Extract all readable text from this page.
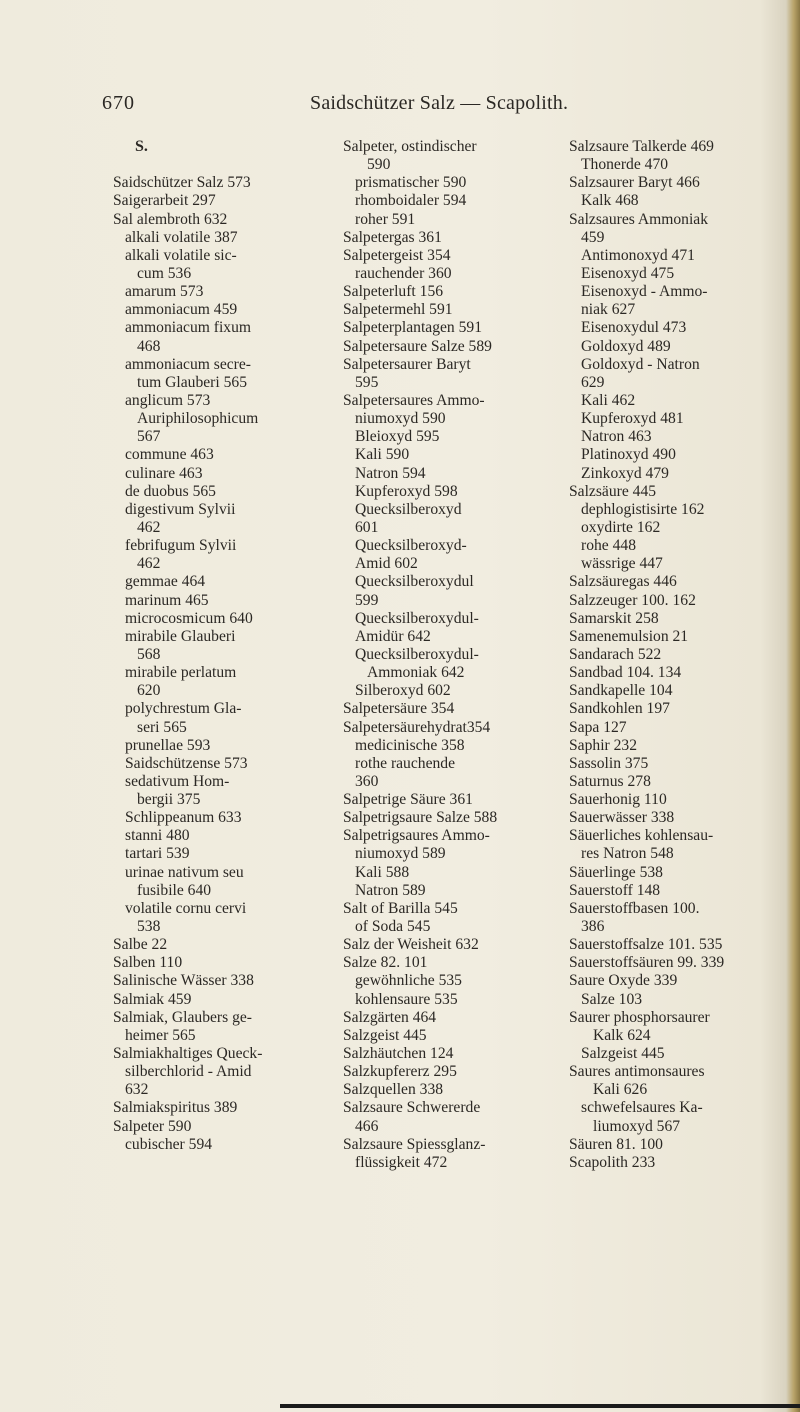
670	Saidschützer Salz — Scapolith.
S.
Saidschützer Salz 573
Saigerarbeit 297
Sal alembroth 632
alkali volatile 387
alkali volatile sic-
cum 536
amarum 573
ammoniacum 459
ammoniacum fixum
468
ammoniacum secre-
tum Glauberi 565
anglicum 573
Auriphilosophicum
567
commune 463
culinare 463
de duobus 565
digestivum Sylvii
462
febrifugum Sylvii
462
gemmae 464
marinum 465
microcosmicum 640
mirabile Glauberi
568
mirabile perlatum
620
polychrestum Gla-
seri 565
prunellae 593
Saidschützense 573
sedativum Hom-
bergii 375
Schlippeanum 633
stanni 480
tartari 539
urinae nativum seu
fusibile 640
volatile cornu cervi
538
Salbe 22
Salben 110
Salinische Wässer 338
Salmiak 459
Salmiak, Glaubers ge-
heimer 565
Salmiakhaltiges Queck-
silberchlorid - Amid
632
Salmiakspiritus 389
Salpeter 590
cubischer 594
Salpeter, ostindischer
590
prismatischer 590
rhomboidaler 594
roher 591
Salpetergas 361
Salpetergeist 354
rauchender 360
Salpeterluft 156
Salpetermehl 591
Salpeterplantagen 591
Salpetersaure Salze 589
Salpetersaurer Baryt
595
Salpetersaures Ammo-
niumoxyd 590
Bleioxyd 595
Kali 590
Natron 594
Kupferoxyd 598
Quecksilberoxyd
601
Quecksilberoxyd-
Amid 602
Quecksilberoxydul
599
Quecksilberoxydul-
Amidür 642
Quecksilberoxydul-
Ammoniak 642
Silberoxyd 602
Salpetersäure 354
Salpetersäurehydrat354
medicinische 358
rothe rauchende
360
Salpetrige Säure 361
Salpetrigsaure Salze 588
Salpetrigsaures Ammo-
niumoxyd 589
Kali 588
Natron 589
Salt of Barilla 545
of Soda 545
Salz der Weisheit 632
Salze 82. 101
gewöhnliche 535
kohlensaure 535
Salzgärten 464
Salzgeist 445
Salzhäutchen 124
Salzkupfererz 295
Salzquellen 338
Salzsaure Schwererde
466
Salzsaure Spiessglanz-
flüssigkeit 472
Salzsaure Talkerde 469
Thonerde 470
Salzsaurer Baryt 466
Kalk 468
Salzsaures Ammoniak
459
Antimonoxyd 471
Eisenoxyd 475
Eisenoxyd - Ammo-
niak 627
Eisenoxydul 473
Goldoxyd 489
Goldoxyd - Natron
629
Kali 462
Kupferoxyd 481
Natron 463
Platinoxyd 490
Zinkoxyd 479
Salzsäure 445
dephlogistisirte 162
oxydirte 162
rohe 448
wässrige 447
Salzsäuregas 446
Salzzeuger 100. 162
Samarskit 258
Samenemulsion 21
Sandarach 522
Sandbad 104. 134
Sandkapelle 104
Sandkohlen 197
Sapa 127
Saphir 232
Sassolin 375
Saturnus 278
Sauerhonig 110
Sauerwässer 338
Säuerliches kohlensau-
res Natron 548
Säuerlinge 538
Sauerstoff 148
Sauerstoffbasen 100.
386
Sauerstoffsalze 101. 535
Sauerstoffsäuren 99. 339
Saure Oxyde 339
Salze 103
Saurer phosphorsaurer
Kalk 624
Salzgeist 445
Saures antimonsaures
Kali 626
schwefelsaures Ka-
liumoxyd 567
Säuren 81. 100
Scapolith 233
